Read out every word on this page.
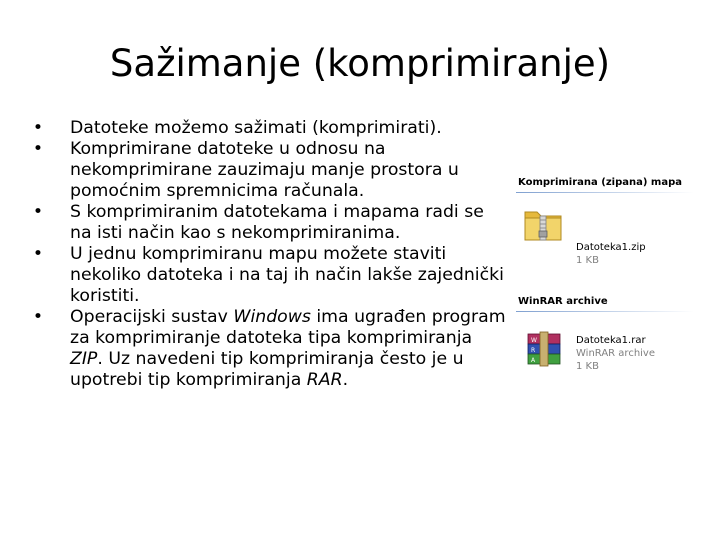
Sažimanje (komprimiranje)
• Datoteke možemo sažimati (komprimirati).
• Komprimirane datoteke u odnosu na nekomprimirane zauzimaju manje prostora u pomoćnim spremnicima računala.
• S komprimiranim datotekama i mapama radi se na isti način kao s nekomprimiranima.
• U jednu komprimiranu mapu možete staviti nekoliko datoteka i na taj ih način lakše zajednički koristiti.
• Operacijski sustav Windows ima ugrađen program za komprimiranje datoteka tipa komprimiranja ZIP. Uz navedeni tip komprimiranja često je u upotrebi tip komprimiranja RAR.
Komprimirana (zipana) mapa
Datoteka1.zip
1 KB
WinRAR archive
W
R
A
Datoteka1.rar
WinRAR archive
1 KB
